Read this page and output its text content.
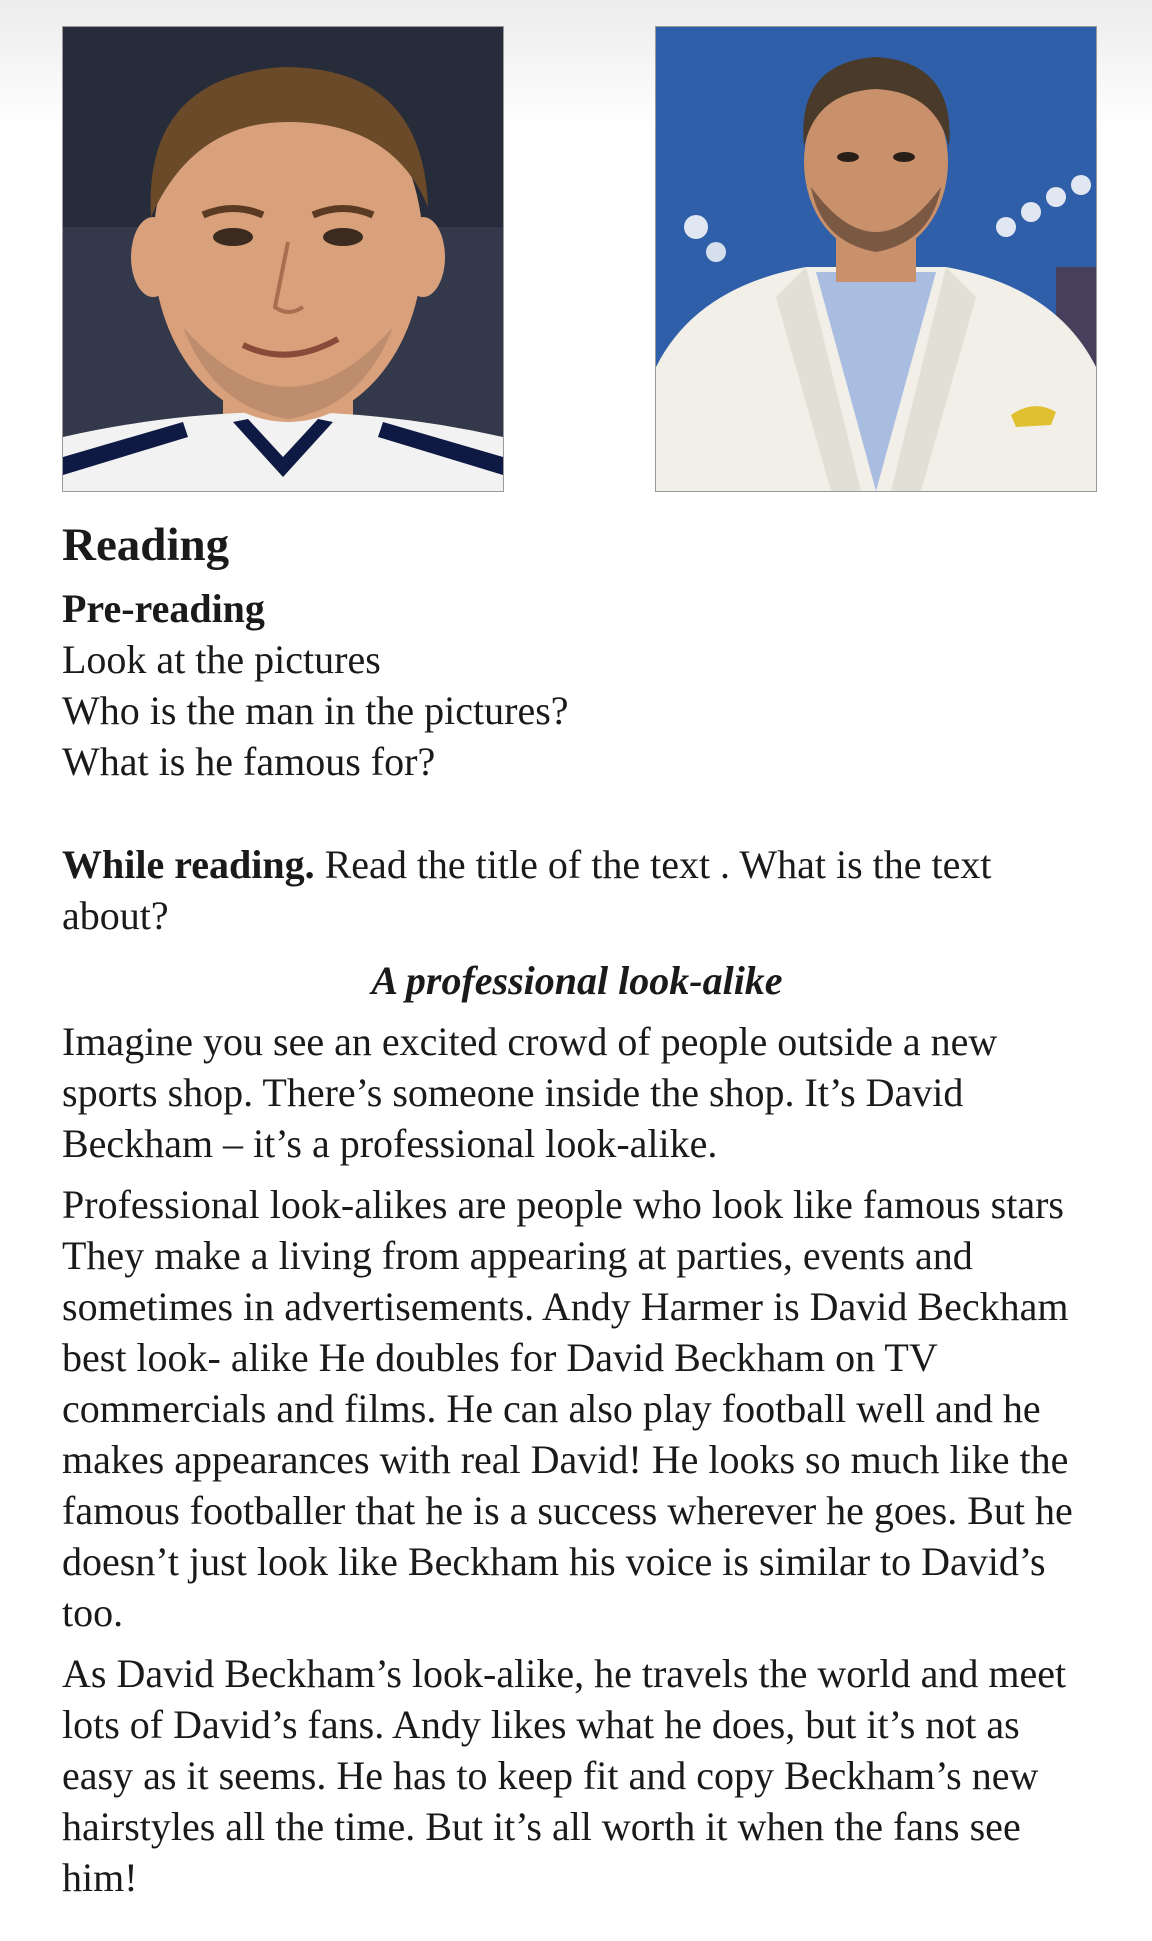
Reading
Pre-reading
Look at the pictures
Who is the man in the pictures?
What is he famous for?
While reading. Read the title of the text . What is the text about?
A professional look-alike
Imagine you see an excited crowd of people outside a new
sports shop. There’s someone inside the shop. It’s David
Beckham – it’s a professional look-alike.
Professional look-alikes are people who look like famous stars
They make a living from appearing at parties, events and
sometimes in advertisements. Andy Harmer is David Beckham
best look- alike He doubles for David Beckham on TV
commercials and films. He can also play football well and he
makes appearances with real David! He looks so much like the
famous footballer that he is a success wherever he goes. But he
doesn’t just look like Beckham his voice is similar to David’s
too.
As David Beckham’s look-alike, he travels the world and meet
lots of David’s fans. Andy likes what he does, but it’s not as
easy as it seems. He has to keep fit and copy Beckham’s new
hairstyles all the time. But it’s all worth it when the fans see
him!
